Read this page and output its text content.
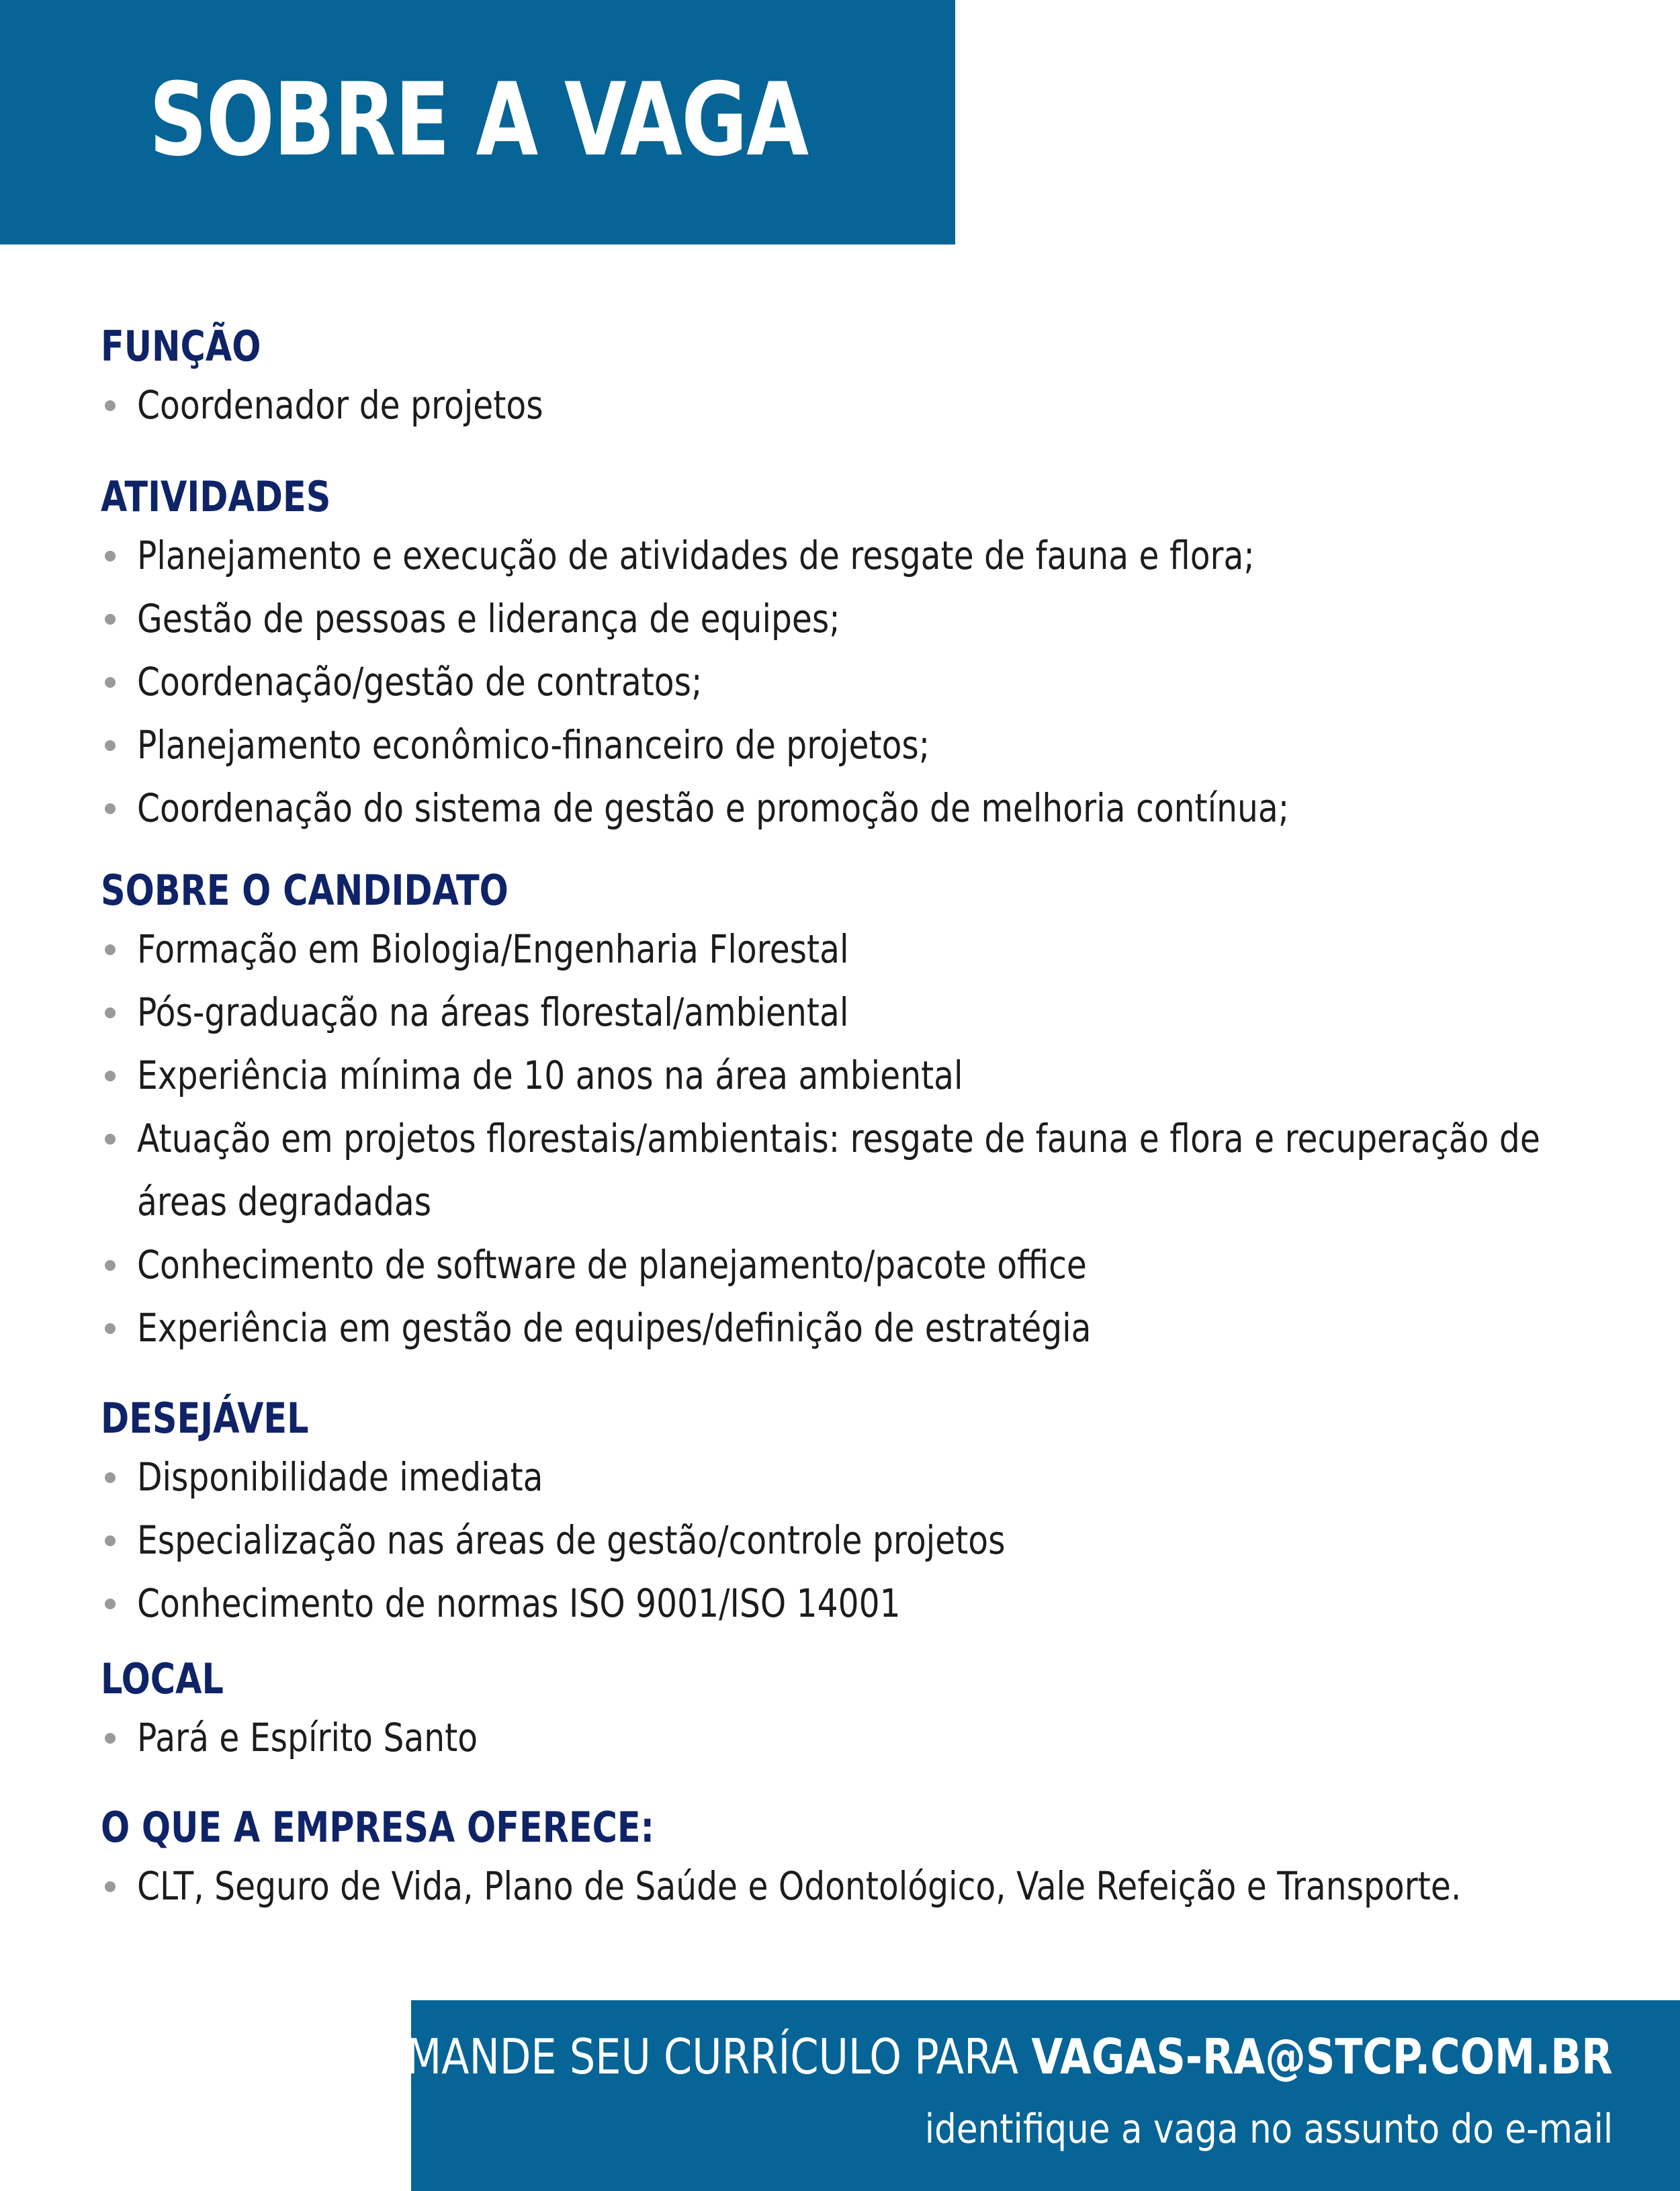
SOBRE A VAGA
FUNÇÃO
Coordenador de projetos
ATIVIDADES
Planejamento e execução de atividades de resgate de fauna e flora;
Gestão de pessoas e liderança de equipes;
Coordenação/gestão de contratos;
Planejamento econômico-financeiro de projetos;
Coordenação do sistema de gestão e promoção de melhoria contínua;
SOBRE O CANDIDATO
Formação em Biologia/Engenharia Florestal
Pós-graduação na áreas florestal/ambiental
Experiência mínima de 10 anos na área ambiental
Atuação em projetos florestais/ambientais: resgate de fauna e flora e recuperação de
áreas degradadas
Conhecimento de software de planejamento/pacote office
Experiência em gestão de equipes/definição de estratégia
DESEJÁVEL
Disponibilidade imediata
Especialização nas áreas de gestão/controle projetos
Conhecimento de normas ISO 9001/ISO 14001
LOCAL
Pará e Espírito Santo
O QUE A EMPRESA OFERECE:
CLT, Seguro de Vida, Plano de Saúde e Odontológico, Vale Refeição e Transporte.
MANDE SEU CURRÍCULO PARA VAGAS-RA@STCP.COM.BR
identifique a vaga no assunto do e-mail
